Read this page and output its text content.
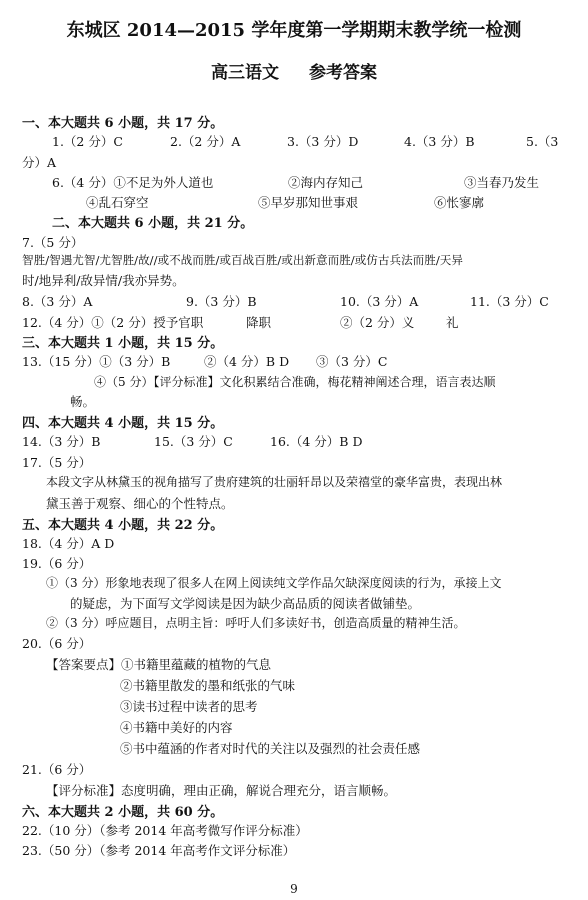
东城区 2014—2015 学年度第一学期期末教学统一检测
高三语文 参考答案
一、本大题共 6 小题，共 17 分。
1.（2 分）C	2.（2 分）A	3.（3 分）D	4.（3 分）B	5.（3
分）A
6.（4 分）①不足为外人道也	②海内存知己	③当春乃发生
④乱石穿空	⑤早岁那知世事艰	⑥怅寥廓
二、本大题共 6 小题，共 21 分。
7.（5 分）
智胜/智遇尤智/尤智胜/故//或不战而胜/或百战百胜/或出新意而胜/或仿古兵法而胜/天异
时/地异利/敌异情/我亦异势。
8.（3 分）A	9.（3 分）B	10.（3 分）A	11.（3 分）C
12.（4 分）①（2 分）授予官职	降职	②（2 分）义	礼
三、本大题共 1 小题，共 15 分。
13.（15 分）①（3 分）B	②（4 分）B D ③（3 分）C
④（5 分）【评分标准】文化积累结合准确，梅花精神阐述合理，语言表达顺
畅。
四、本大题共 4 小题，共 15 分。
14.（3 分）B	15.（3 分）C	16.（4 分）B D
17.（5 分）
本段文字从林黛玉的视角描写了贵府建筑的壮丽轩昂以及荣禧堂的豪华富贵，表现出林
黛玉善于观察、细心的个性特点。
五、本大题共 4 小题，共 22 分。
18.（4 分）A D
19.（6 分）
①（3 分）形象地表现了很多人在网上阅读纯文学作品欠缺深度阅读的行为，承接上文
的疑虑，为下面写文学阅读是因为缺少高品质的阅读者做铺垫。
②（3 分）呼应题目，点明主旨：呼吁人们多读好书，创造高质量的精神生活。
20.（6 分）
【答案要点】①书籍里蕴藏的植物的气息
②书籍里散发的墨和纸张的气味
③读书过程中读者的思考
④书籍中美好的内容
⑤书中蕴涵的作者对时代的关注以及强烈的社会责任感
21.（6 分）
【评分标准】态度明确，理由正确，解说合理充分，语言顺畅。
六、本大题共 2 小题，共 60 分。
22.（10 分）（参考 2014 年高考微写作评分标准）
23.（50 分）（参考 2014 年高考作文评分标准）
9
